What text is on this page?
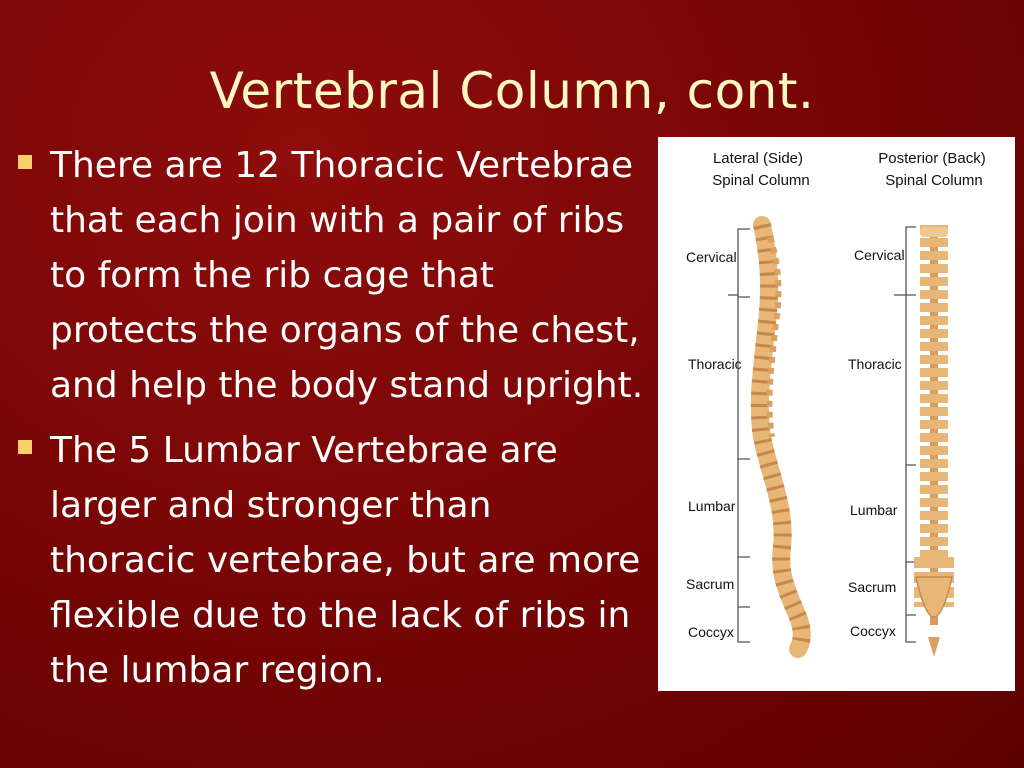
Vertebral Column, cont.
There are 12 Thoracic Vertebrae that each join with a pair of ribs to form the rib cage that protects the organs of the chest, and help the body stand upright.
The 5 Lumbar Vertebrae are larger and stronger than thoracic vertebrae, but are more flexible due to the lack of ribs in the lumbar region.
Lateral (Side)
Spinal Column
Posterior (Back)
Spinal Column
Cervical
Thoracic
Lumbar
Sacrum
Coccyx
Cervical
Thoracic
Lumbar
Sacrum
Coccyx
